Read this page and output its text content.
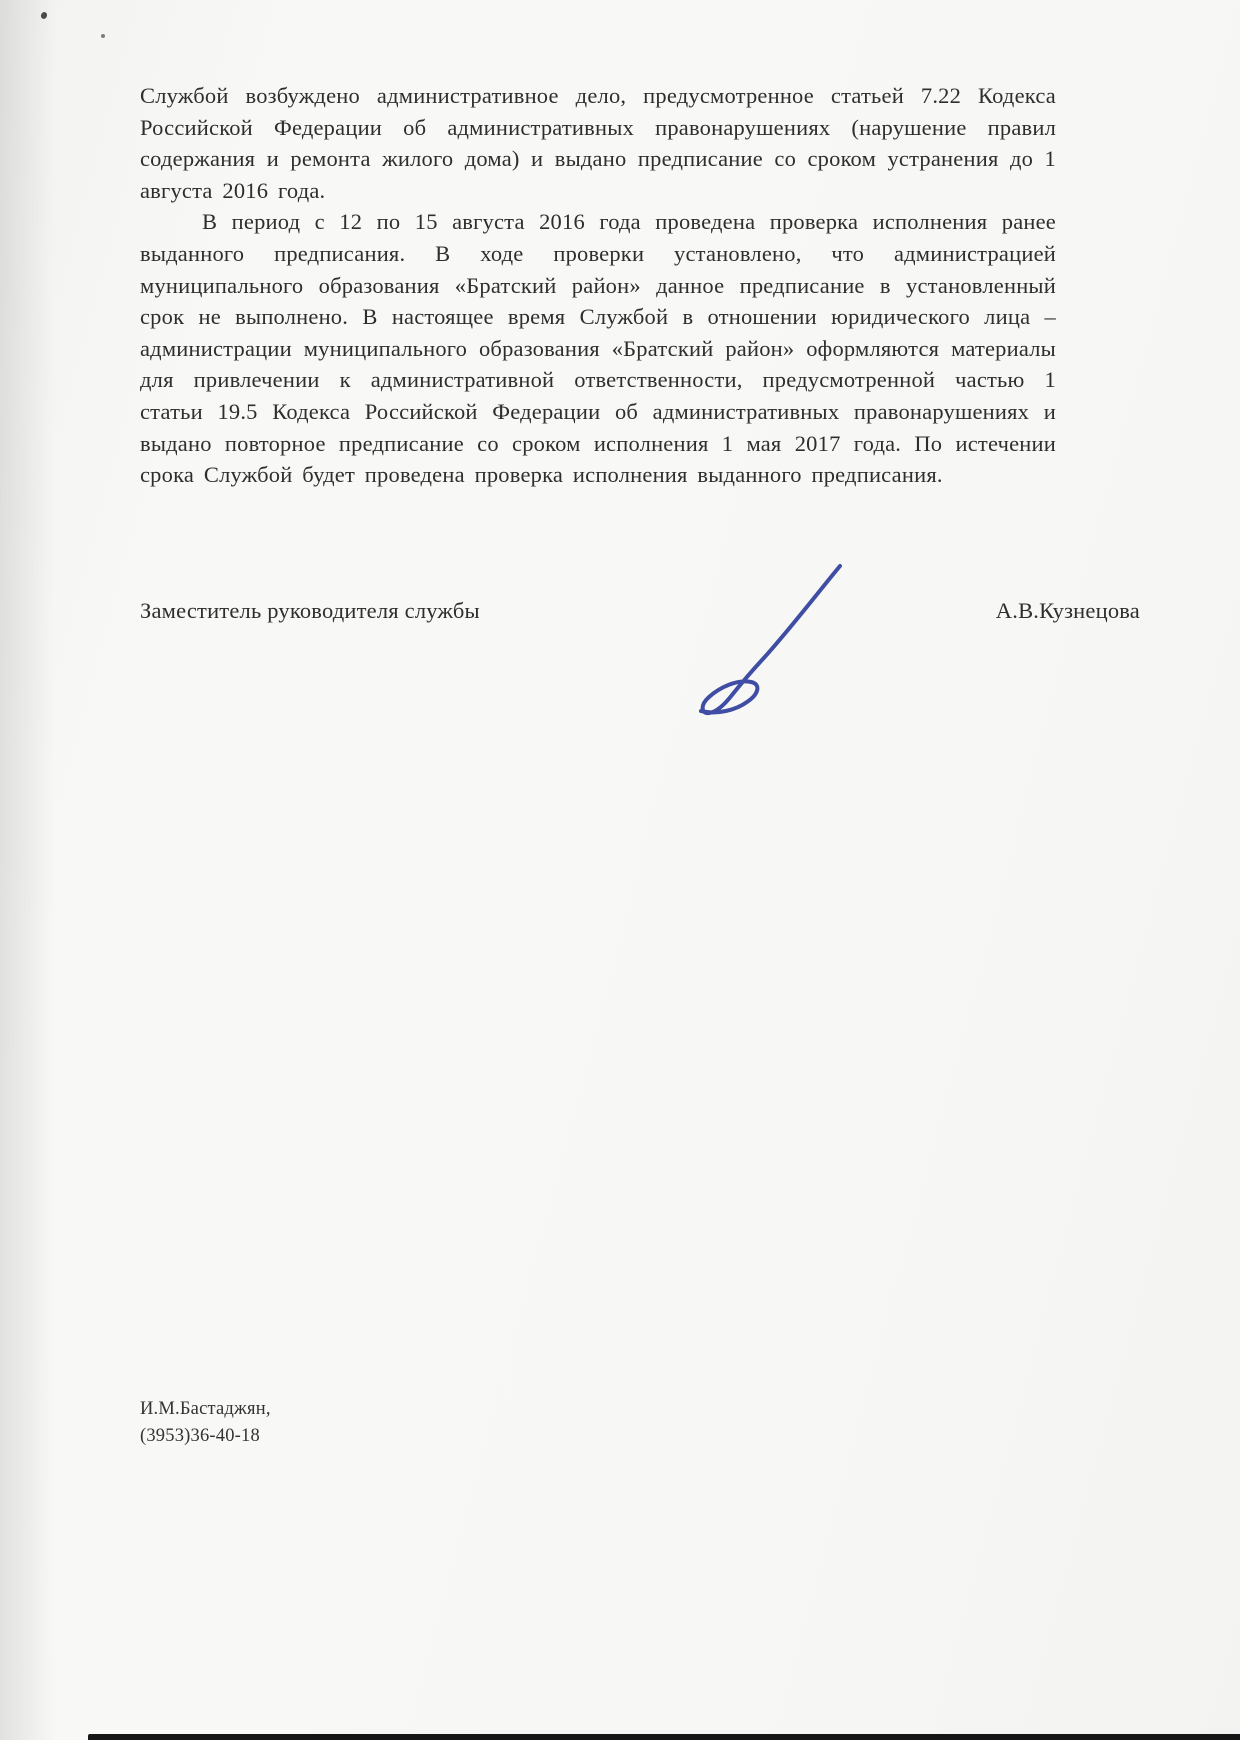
Службой возбуждено административное дело, предусмотренное статьей 7.22 Кодекса Российской Федерации об административных правонарушениях (нарушение правил содержания и ремонта жилого дома) и выдано предписание со сроком устранения до 1 августа 2016 года.

В период с 12 по 15 августа 2016 года проведена проверка исполнения ранее выданного предписания. В ходе проверки установлено, что администрацией муниципального образования «Братский район» данное предписание в установленный срок не выполнено. В настоящее время Службой в отношении юридического лица – администрации муниципального образования «Братский район» оформляются материалы для привлечении к административной ответственности, предусмотренной частью 1 статьи 19.5 Кодекса Российской Федерации об административных правонарушениях и выдано повторное предписание со сроком исполнения 1 мая 2017 года. По истечении срока Службой будет проведена проверка исполнения выданного предписания.

Заместитель руководителя службы	А.В.Кузнецова
И.М.Бастаджян,
(3953)36-40-18
